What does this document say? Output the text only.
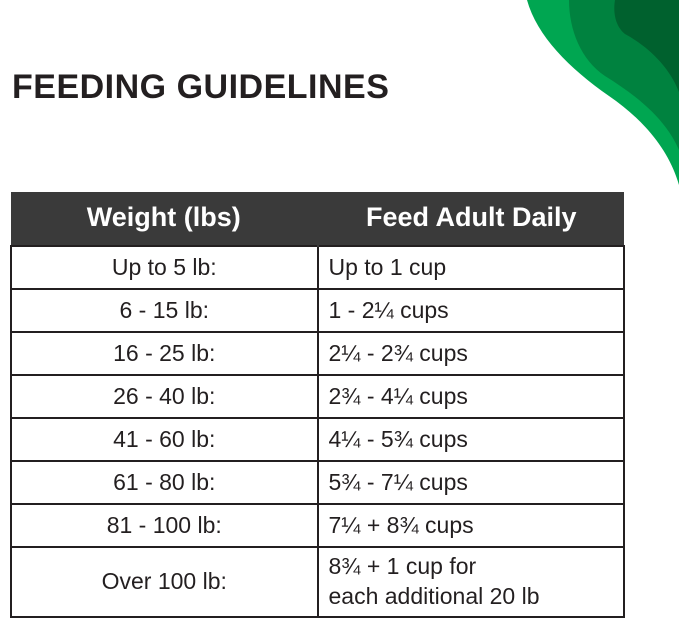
FEEDING GUIDELINES
Weight (lbs)	Feed Adult Daily
Up to 5 lb:	Up to 1 cup
6 - 15 lb:	1 - 2¼ cups
16 - 25 lb:	2¼ - 2¾ cups
26 - 40 lb:	2¾ - 4¼ cups
41 - 60 lb:	4¼ - 5¾ cups
61 - 80 lb:	5¾ - 7¼ cups
81 - 100 lb:	7¼ + 8¾ cups
Over 100 lb:	8¾ + 1 cup for
each additional 20 lb
